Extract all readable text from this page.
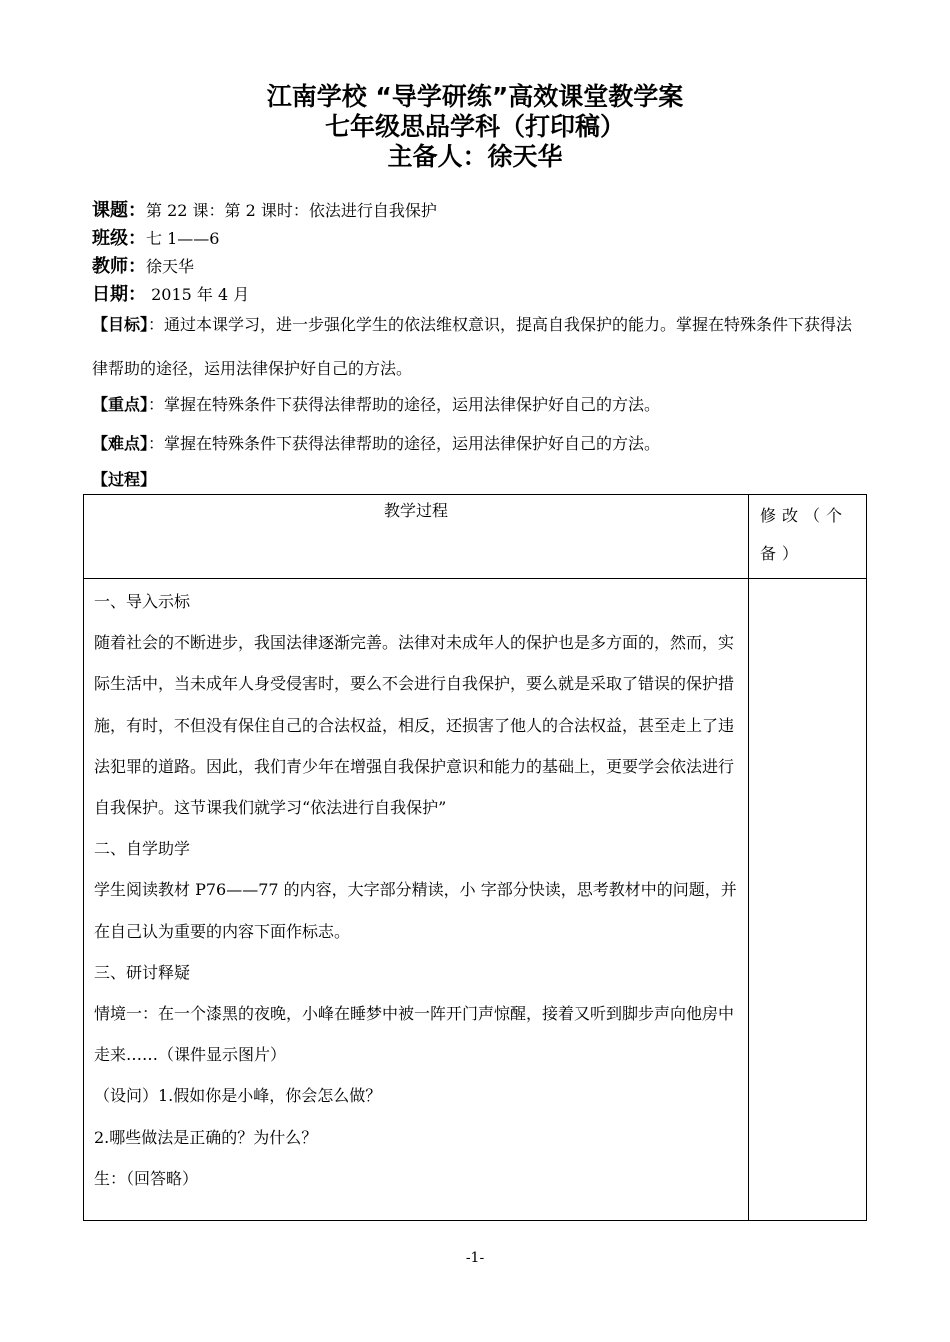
江南学校 “导学研练”高效课堂教学案
七年级思品学科（打印稿）
主备人：徐天华
课题：第 22 课：第 2 课时：依法进行自我保护
班级：七 1——6
教师：徐天华
日期： 2015 年 4 月
【目标】：通过本课学习，进一步强化学生的依法维权意识，提高自我保护的能力。掌握在特殊条件下获得法律帮助的途径，运用法律保护好自己的方法。
【重点】：掌握在特殊条件下获得法律帮助的途径，运用法律保护好自己的方法。
【难点】：掌握在特殊条件下获得法律帮助的途径，运用法律保护好自己的方法。
【过程】
教学过程	修改（个备）

一、导入示标

随着社会的不断进步，我国法律逐渐完善。法律对未成年人的保护也是多方面的，然而，实际生活中，当未成年人身受侵害时，要么不会进行自我保护，要么就是采取了错误的保护措施，有时，不但没有保住自己的合法权益，相反，还损害了他人的合法权益，甚至走上了违法犯罪的道路。因此，我们青少年在增强自我保护意识和能力的基础上，更要学会依法进行自我保护。这节课我们就学习“依法进行自我保护”

二、自学助学

学生阅读教材 P76——77 的内容，大字部分精读，小 字部分快读，思考教材中的问题，并在自己认为重要的内容下面作标志。

三、研讨释疑

情境一：在一个漆黑的夜晚，小峰在睡梦中被一阵开门声惊醒，接着又听到脚步声向他房中走来……（课件显示图片）

（设问）1.假如你是小峰，你会怎么做？

2.哪些做法是正确的？为什么？

生：（回答略）

-1-
